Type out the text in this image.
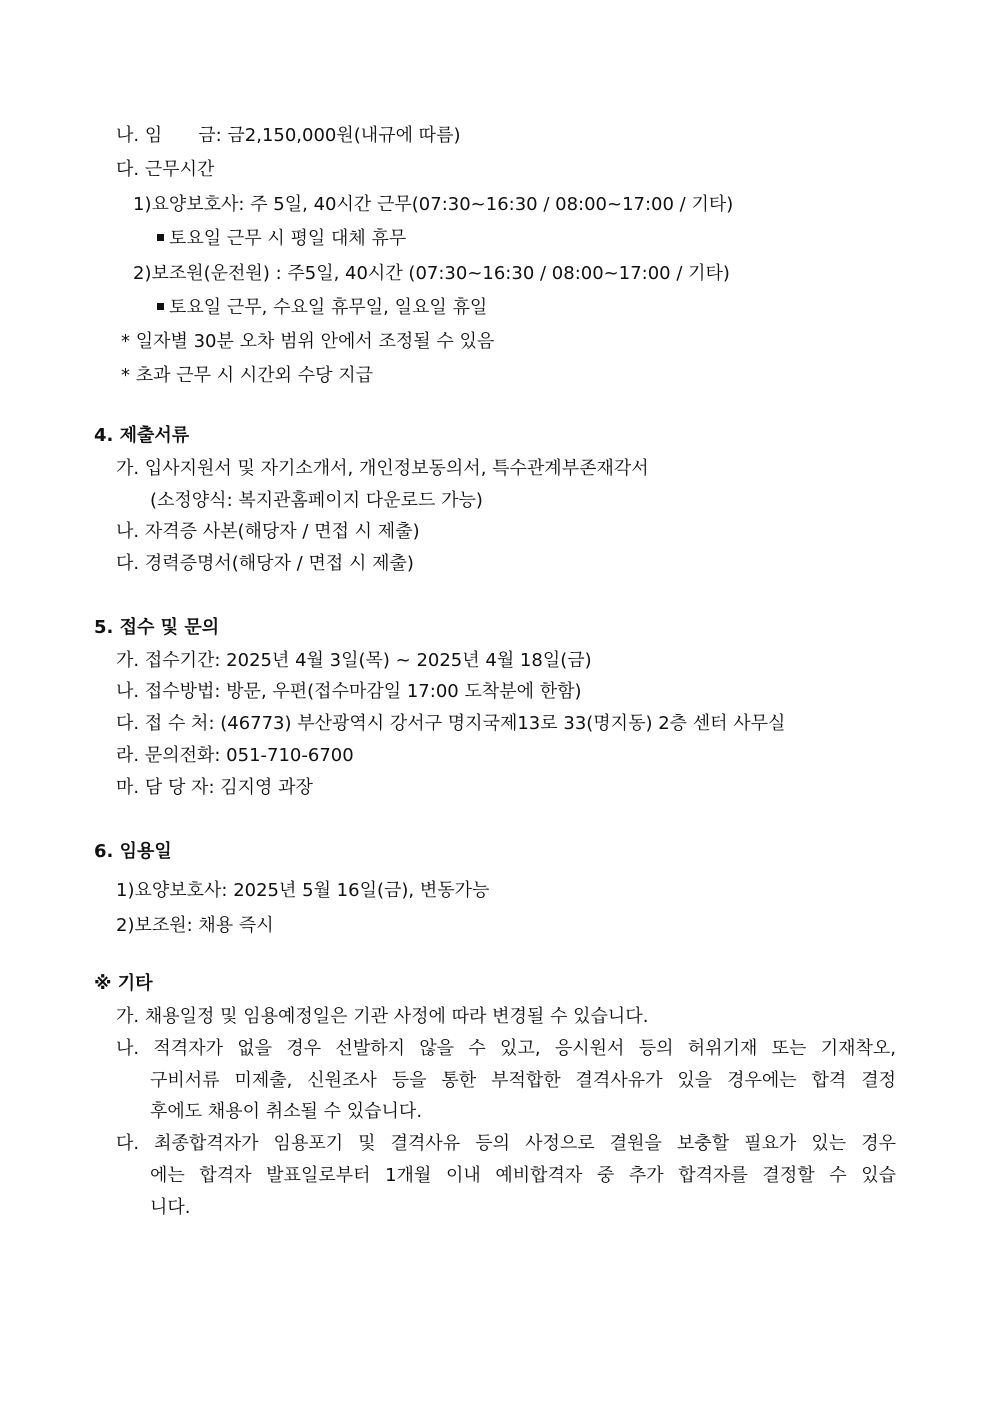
나. 임　　금: 금2,150,000원(내규에 따름)
다. 근무시간
1)요양보호사: 주 5일, 40시간 근무(07:30~16:30 / 08:00~17:00 / 기타)
토요일 근무 시 평일 대체 휴무
2)보조원(운전원) : 주5일, 40시간 (07:30~16:30 / 08:00~17:00 / 기타)
토요일 근무, 수요일 휴무일, 일요일 휴일
* 일자별 30분 오차 범위 안에서 조정될 수 있음
* 초과 근무 시 시간외 수당 지급
4. 제출서류
가. 입사지원서 및 자기소개서, 개인정보동의서, 특수관계부존재각서
(소정양식: 복지관홈페이지 다운로드 가능)
나. 자격증 사본(해당자 / 면접 시 제출)
다. 경력증명서(해당자 / 면접 시 제출)
5. 접수 및 문의
가. 접수기간: 2025년 4월 3일(목) ~ 2025년 4월 18일(금)
나. 접수방법: 방문, 우편(접수마감일 17:00 도착분에 한함)
다. 접 수 처: (46773) 부산광역시 강서구 명지국제13로 33(명지동) 2층 센터 사무실
라. 문의전화: 051-710-6700
마. 담 당 자: 김지영 과장
6. 임용일
1)요양보호사: 2025년 5월 16일(금), 변동가능
2)보조원: 채용 즉시
※ 기타
가. 채용일정 및 임용예정일은 기관 사정에 따라 변경될 수 있습니다.
나. 적격자가 없을 경우 선발하지 않을 수 있고, 응시원서 등의 허위기재 또는 기재착오,
구비서류 미제출, 신원조사 등을 통한 부적합한 결격사유가 있을 경우에는 합격 결정
후에도 채용이 취소될 수 있습니다.
다. 최종합격자가 임용포기 및 결격사유 등의 사정으로 결원을 보충할 필요가 있는 경우
에는 합격자 발표일로부터 1개월 이내 예비합격자 중 추가 합격자를 결정할 수 있습
니다.
